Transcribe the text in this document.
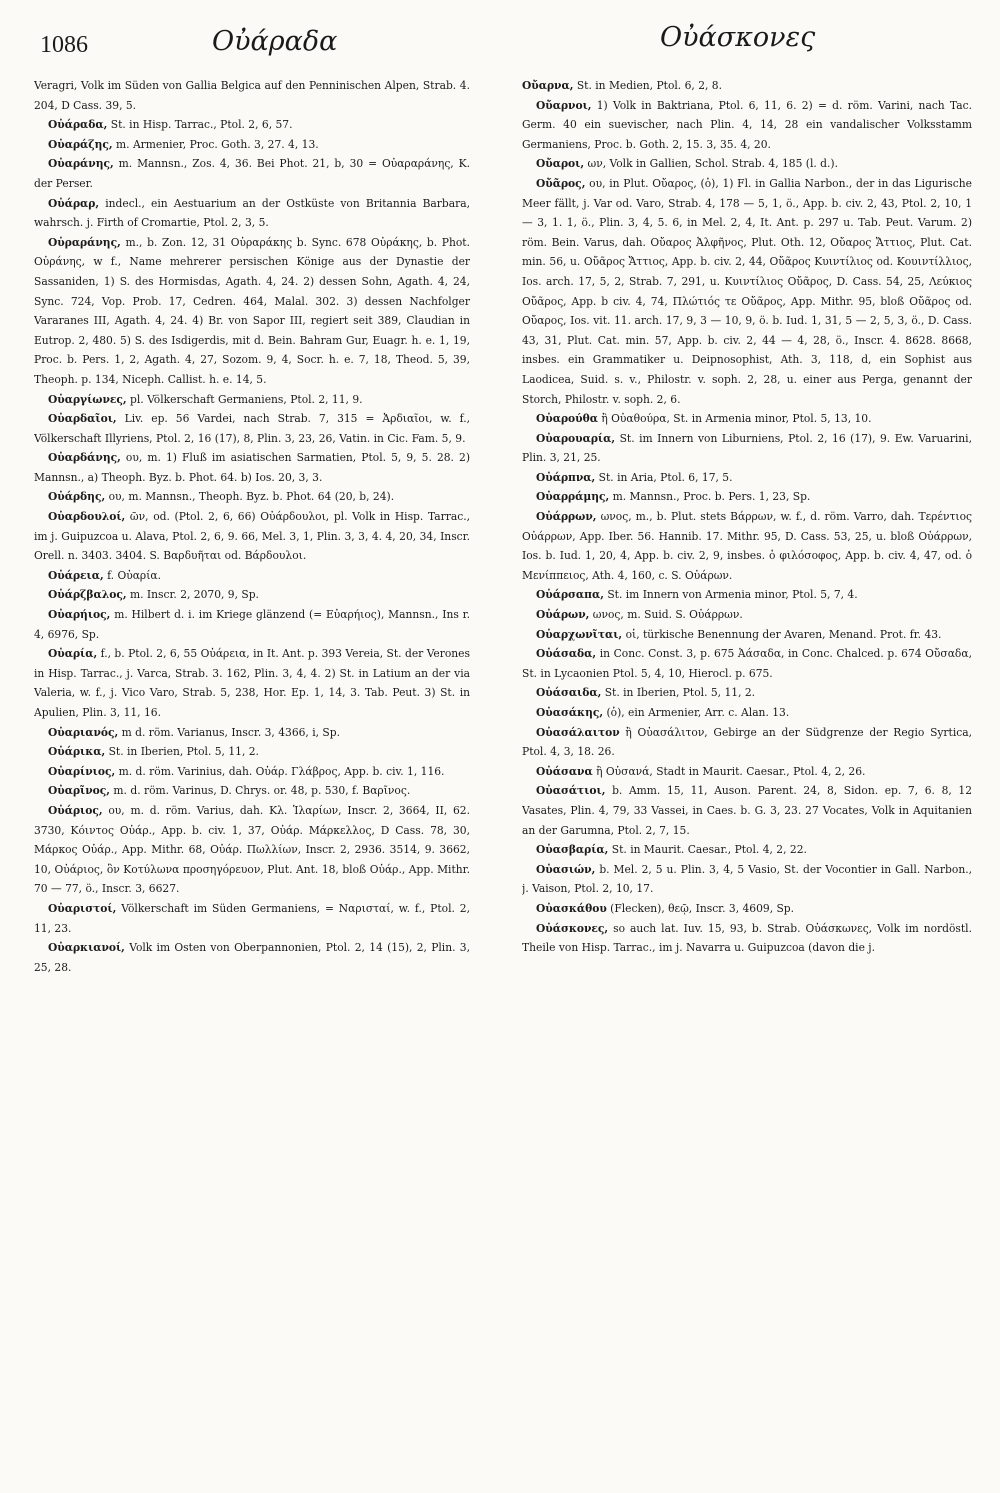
1086	Οὐάραδα	Οὐάσκονες

Veragri, Volk im Süden von Gallia Belgica auf den Penninischen Alpen, Strab. 4. 204, D Cass. 39, 5.

Οὐάραδα, St. in Hisp. Tarrac., Ptol. 2, 6, 57.

Οὐαράζης, m. Armenier, Proc. Goth. 3, 27. 4, 13.

Οὐαράνης, m. Mannsn., Zos. 4, 36. Bei Phot. 21, b, 30 = Οὐαραράνης, K. der Perser.

Οὐάραρ, indecl., ein Aestuarium an der Ostküste von Britannia Barbara, wahrsch. j. Firth of Cromartie, Ptol. 2, 3, 5.

Οὐραράνης, m., b. Zon. 12, 31 Οὐραράκης b. Sync. 678 Οὐράκης, b. Phot. Οὐράνης, w f., Name mehrerer persischen Könige aus der Dynastie der Sassaniden, 1) S. des Hormisdas, Agath. 4, 24. 2) dessen Sohn, Agath. 4, 24, Sync. 724, Vop. Prob. 17, Cedren. 464, Malal. 302. 3) dessen Nachfolger Vararanes III, Agath. 4, 24. 4) Br. von Sapor III, regiert seit 389, Claudian in Eutrop. 2, 480. 5) S. des Isdigerdis, mit d. Bein. Bahram Gur, Euagr. h. e. 1, 19, Proc. b. Pers. 1, 2, Agath. 4, 27, Sozom. 9, 4, Socr. h. e. 7, 18, Theod. 5, 39, Theoph. p. 134, Niceph. Callist. h. e. 14, 5.

Οὐαργίωνες, pl. Völkerschaft Germaniens, Ptol. 2, 11, 9.

Οὐαρδαῖοι, Liv. ep. 56 Vardei, nach Strab. 7, 315 = Ἀρδιαῖοι, w. f., Völkerschaft Illyriens, Ptol. 2, 16 (17), 8, Plin. 3, 23, 26, Vatin. in Cic. Fam. 5, 9.

Οὐαρδάνης, ου, m. 1) Fluß im asiatischen Sarmatien, Ptol. 5, 9, 5. 28. 2) Mannsn., a) Theoph. Byz. b. Phot. 64. b) Ios. 20, 3, 3.

Οὐάρδης, ου, m. Mannsn., Theoph. Byz. b. Phot. 64 (20, b, 24).

Οὐαρδουλοί, ῶν, od. (Ptol. 2, 6, 66) Οὐάρδουλοι, pl. Volk in Hisp. Tarrac., im j. Guipuzcoa u. Alava, Ptol. 2, 6, 9. 66, Mel. 3, 1, Plin. 3, 3, 4. 4, 20, 34, Inscr. Orell. n. 3403. 3404. S. Βαρδυῆται od. Βάρδουλοι.

Οὐάρεια, f. Οὐαρία.

Οὐάρζβαλος, m. Inscr. 2, 2070, 9, Sp.

Οὐαρήιος, m. Hilbert d. i. im Kriege glänzend (= Εὐαρήιος), Mannsn., Ins r. 4, 6976, Sp.

Οὐαρία, f., b. Ptol. 2, 6, 55 Οὐάρεια, in It. Ant. p. 393 Vereia, St. der Verones in Hisp. Tarrac., j. Varca, Strab. 3. 162, Plin. 3, 4, 4. 2) St. in Latium an der via Valeria, w. f., j. Vico Varo, Strab. 5, 238, Hor. Ep. 1, 14, 3. Tab. Peut. 3) St. in Apulien, Plin. 3, 11, 16.

Οὐαριανός, m d. röm. Varianus, Inscr. 3, 4366, i, Sp.

Οὐάρικα, St. in Iberien, Ptol. 5, 11, 2.

Οὐαρίνιος, m. d. röm. Varinius, dah. Οὐάρ. Γλάβρος, App. b. civ. 1, 116.

Οὐαρῖνος, m. d. röm. Varinus, D. Chrys. or. 48, p. 530, f. Βαρῖνος.

Οὐάριος, ου, m. d. röm. Varius, dah. Κλ. Ἱλαρίων, Inscr. 2, 3664, II, 62. 3730, Κόιντος Οὐάρ., App. b. civ. 1, 37, Οὐάρ. Μάρκελλος, D Cass. 78, 30, Μάρκος Οὐάρ., App. Mithr. 68, Οὐάρ. Πωλλίων, Inscr. 2, 2936. 3514, 9. 3662, 10, Οὐάριος, ὃν Κοτύλωνα προσηγόρευον, Plut. Ant. 18, bloß Οὐάρ., App. Mithr. 70 — 77, ö., Inscr. 3, 6627.

Οὐαριστοί, Völkerschaft im Süden Germaniens, = Ναρισταί, w. f., Ptol. 2, 11, 23.

Οὐαρκιανοί, Volk im Osten von Oberpannonien, Ptol. 2, 14 (15), 2, Plin. 3, 25, 28.

Οὔαρνα, St. in Medien, Ptol. 6, 2, 8.

Οὔαρνοι, 1) Volk in Baktriana, Ptol. 6, 11, 6. 2) = d. röm. Varini, nach Tac. Germ. 40 ein suevischer, nach Plin. 4, 14, 28 ein vandalischer Volksstamm Germaniens, Proc. b. Goth. 2, 15. 3, 35. 4, 20.

Οὔαροι, ων, Volk in Gallien, Schol. Strab. 4, 185 (l. d.).

Οὔᾶρος, ου, in Plut. Οὔαρος, (ὁ), 1) Fl. in Gallia Narbon., der in das Ligurische Meer fällt, j. Var od. Varo, Strab. 4, 178 — 5, 1, ö., App. b. civ. 2, 43, Ptol. 2, 10, 1 — 3, 1. 1, ö., Plin. 3, 4, 5. 6, in Mel. 2, 4, It. Ant. p. 297 u. Tab. Peut. Varum. 2) röm. Bein. Varus, dah. Οὔαρος Ἀλφῆνος, Plut. Oth. 12, Οὔαρος Ἄττιος, Plut. Cat. min. 56, u. Οὔᾶρος Ἄττιος, App. b. civ. 2, 44, Οὔᾶρος Κυιντίλιος od. Κουιντίλλιος, Ios. arch. 17, 5, 2, Strab. 7, 291, u. Κυιντίλιος Οὔᾶρος, D. Cass. 54, 25, Λεύκιος Οὔᾶρος, App. b civ. 4, 74, Πλώτιός τε Οὔᾶρος, App. Mithr. 95, bloß Οὔᾶρος od. Οὔαρος, Ios. vit. 11. arch. 17, 9, 3 — 10, 9, ö. b. Iud. 1, 31, 5 — 2, 5, 3, ö., D. Cass. 43, 31, Plut. Cat. min. 57, App. b. civ. 2, 44 — 4, 28, ö., Inscr. 4. 8628. 8668, insbes. ein Grammatiker u. Deipnosophist, Ath. 3, 118, d, ein Sophist aus Laodicea, Suid. s. v., Philostr. v. soph. 2, 28, u. einer aus Perga, genannt der Storch, Philostr. v. soph. 2, 6.

Οὐαρούθα ἢ Οὐαθούρα, St. in Armenia minor, Ptol. 5, 13, 10.

Οὐαρουαρία, St. im Innern von Liburniens, Ptol. 2, 16 (17), 9. Ew. Varuarini, Plin. 3, 21, 25.

Οὐάρπνα, St. in Aria, Ptol. 6, 17, 5.

Οὐαρράμης, m. Mannsn., Proc. b. Pers. 1, 23, Sp.

Οὐάρρων, ωνος, m., b. Plut. stets Βάρρων, w. f., d. röm. Varro, dah. Τερέντιος Οὐάρρων, App. Iber. 56. Hannib. 17. Mithr. 95, D. Cass. 53, 25, u. bloß Οὐάρρων, Ios. b. Iud. 1, 20, 4, App. b. civ. 2, 9, insbes. ὁ φιλόσοφος, App. b. civ. 4, 47, od. ὁ Μενίππειος, Ath. 4, 160, c. S. Οὐάρων.

Οὐάρσαπα, St. im Innern von Armenia minor, Ptol. 5, 7, 4.

Οὐάρων, ωνος, m. Suid. S. Οὐάρρων.

Οὐαρχωνῖται, οἱ, türkische Benennung der Avaren, Menand. Prot. fr. 43.

Οὐάσαδα, in Conc. Const. 3, p. 675 Ἀάσαδα, in Conc. Chalced. p. 674 Οὔσαδα, St. in Lycaonien Ptol. 5, 4, 10, Hierocl. p. 675.

Οὐάσαιδα, St. in Iberien, Ptol. 5, 11, 2.

Οὐασάκης, (ὁ), ein Armenier, Arr. c. Alan. 13.

Οὐασάλαιτον ἢ Οὐασάλιτον, Gebirge an der Südgrenze der Regio Syrtica, Ptol. 4, 3, 18. 26.

Οὐάσανα ἢ Οὐσανά, Stadt in Maurit. Caesar., Ptol. 4, 2, 26.

Οὐασάτιοι, b. Amm. 15, 11, Auson. Parent. 24, 8, Sidon. ep. 7, 6. 8, 12 Vasates, Plin. 4, 79, 33 Vassei, in Caes. b. G. 3, 23. 27 Vocates, Volk in Aquitanien an der Garumna, Ptol. 2, 7, 15.

Οὐασβαρία, St. in Maurit. Caesar., Ptol. 4, 2, 22.

Οὐασιών, b. Mel. 2, 5 u. Plin. 3, 4, 5 Vasio, St. der Vocontier in Gall. Narbon., j. Vaison, Ptol. 2, 10, 17.

Οὐασκάθου (Flecken), θεῷ, Inscr. 3, 4609, Sp.

Οὐάσκονες, so auch lat. Iuv. 15, 93, b. Strab. Οὐάσκωνες, Volk im nordöstl. Theile von Hisp. Tarrac., im j. Navarra u. Guipuzcoa (davon die j.
